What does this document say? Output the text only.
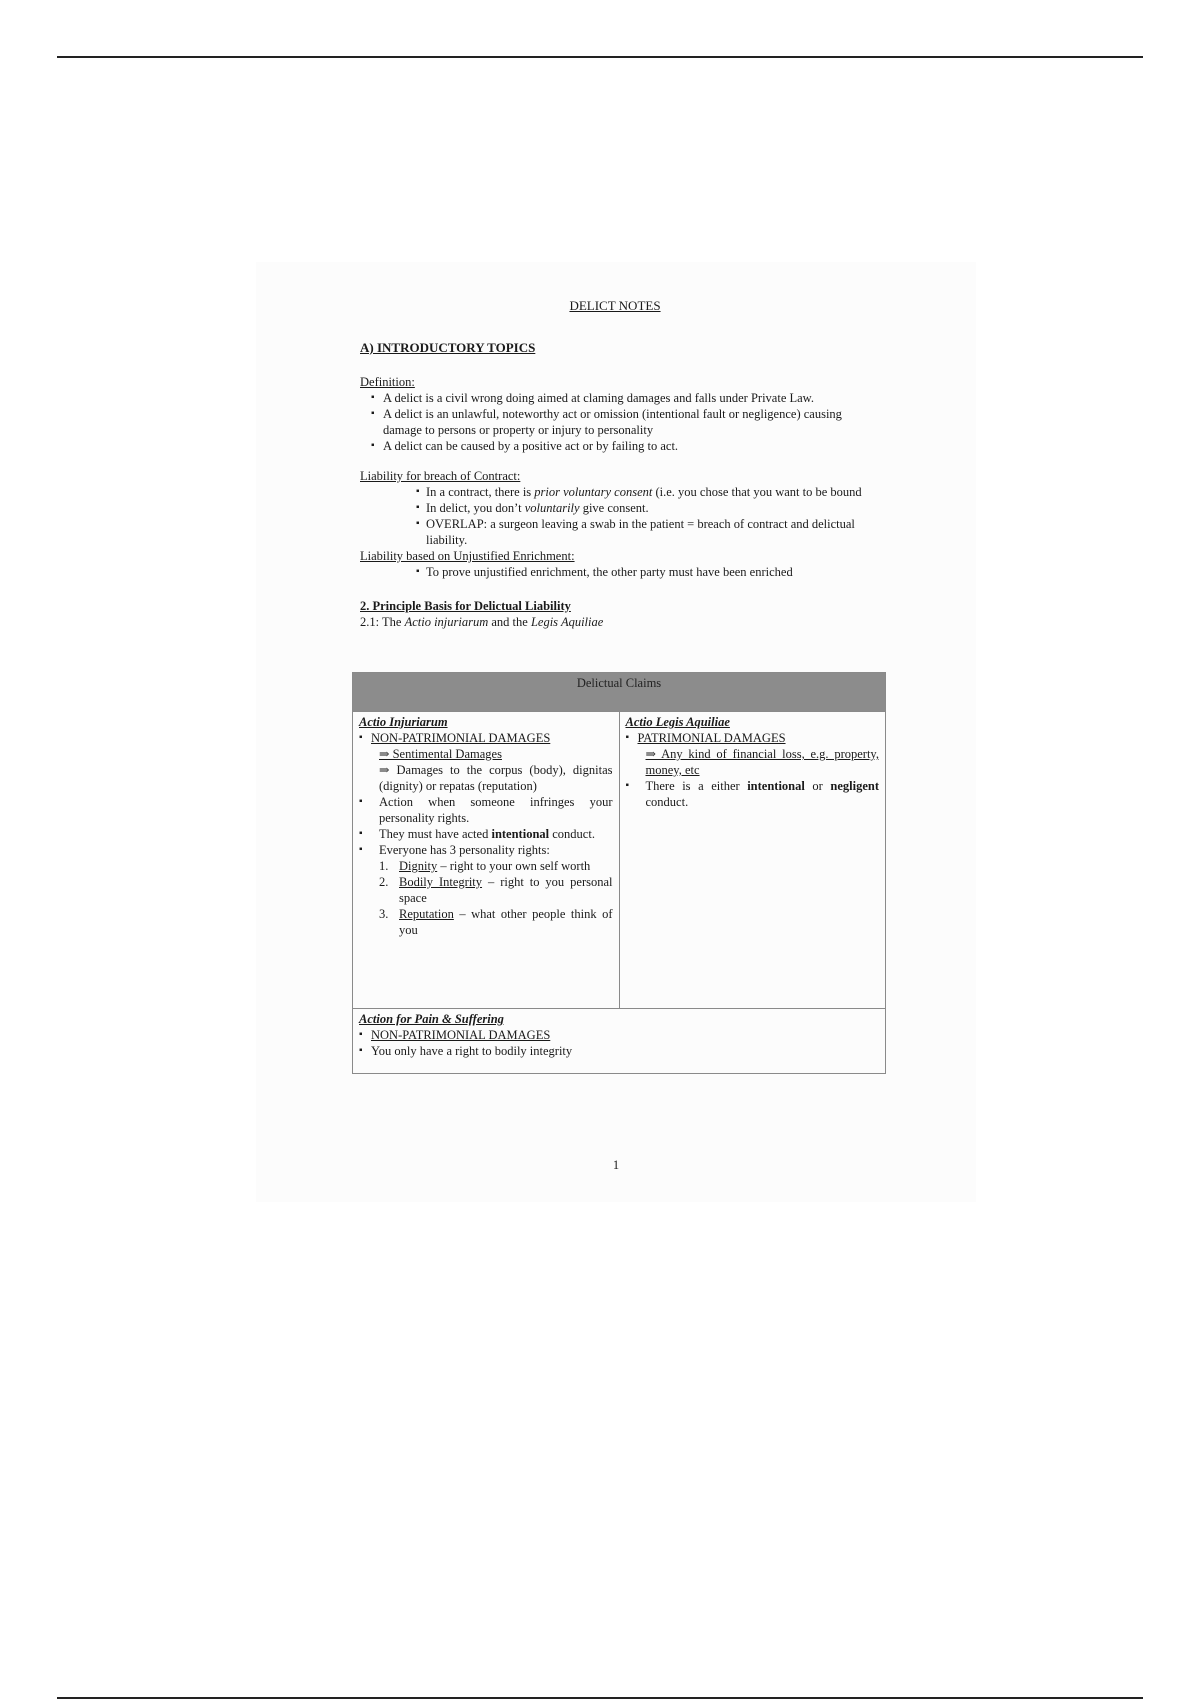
DELICT NOTES
A) INTRODUCTORY TOPICS
Definition:
▪ A delict is a civil wrong doing aimed at claming damages and falls under Private Law.
▪ A delict is an unlawful, noteworthy act or omission (intentional fault or negligence) causing damage to persons or property or injury to personality
▪ A delict can be caused by a positive act or by failing to act.
Liability for breach of Contract:
▪ In a contract, there is prior voluntary consent (i.e. you chose that you want to be bound
▪ In delict, you don’t voluntarily give consent.
▪ OVERLAP: a surgeon leaving a swab in the patient = breach of contract and delictual liability.
Liability based on Unjustified Enrichment:
▪ To prove unjustified enrichment, the other party must have been enriched
2. Principle Basis for Delictual Liability
2.1: The Actio injuriarum and the Legis Aquiliae
Delictual Claims

Actio Injuriarum
▪ NON-PATRIMONIAL DAMAGES
⇒ Sentimental Damages
⇒ Damages to the corpus (body), dignitas (dignity) or repatas (reputation)
▪ Action when someone infringes your personality rights.
▪ They must have acted intentional conduct.
▪ Everyone has 3 personality rights:
1. Dignity – right to your own self worth
2. Bodily Integrity – right to you personal space
3. Reputation – what other people think of you

Actio Legis Aquiliae
▪ PATRIMONIAL DAMAGES
⇒ Any kind of financial loss, e.g. property, money, etc
▪ There is a either intentional or negligent conduct.

Action for Pain & Suffering
▪ NON-PATRIMONIAL DAMAGES
▪ You only have a right to bodily integrity
1
